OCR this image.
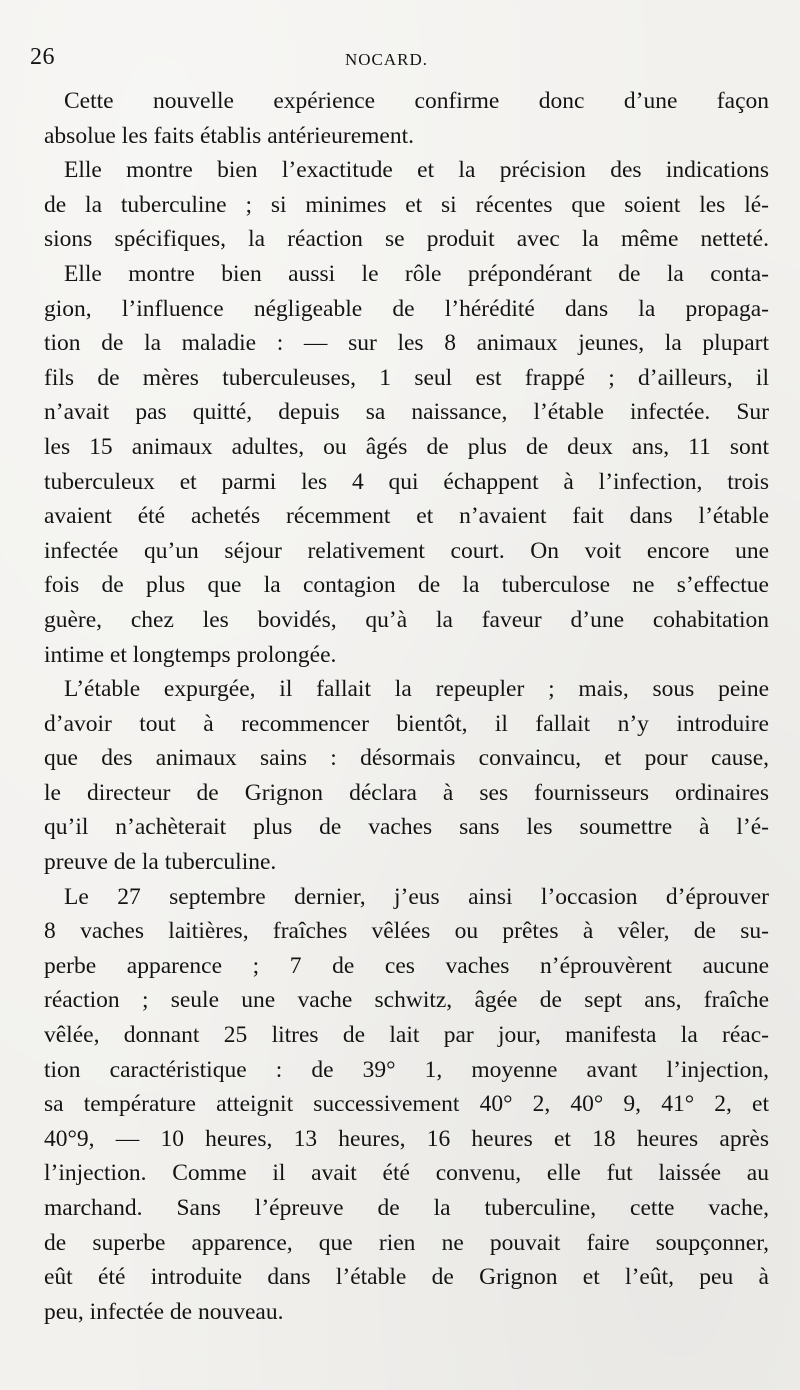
26	NOCARD.
Cette nouvelle expérience confirme donc d’une façon
absolue les faits établis antérieurement.
Elle montre bien l’exactitude et la précision des indications
de la tuberculine ; si minimes et si récentes que soient les lé-
sions spécifiques, la réaction se produit avec la même netteté.
Elle montre bien aussi le rôle prépondérant de la conta-
gion, l’influence négligeable de l’hérédité dans la propaga-
tion de la maladie : — sur les 8 animaux jeunes, la plupart
fils de mères tuberculeuses, 1 seul est frappé ; d’ailleurs, il
n’avait pas quitté, depuis sa naissance, l’étable infectée. Sur
les 15 animaux adultes, ou âgés de plus de deux ans, 11 sont
tuberculeux et parmi les 4 qui échappent à l’infection, trois
avaient été achetés récemment et n’avaient fait dans l’étable
infectée qu’un séjour relativement court. On voit encore une
fois de plus que la contagion de la tuberculose ne s’effectue
guère, chez les bovidés, qu’à la faveur d’une cohabitation
intime et longtemps prolongée.
L’étable expurgée, il fallait la repeupler ; mais, sous peine
d’avoir tout à recommencer bientôt, il fallait n’y introduire
que des animaux sains : désormais convaincu, et pour cause,
le directeur de Grignon déclara à ses fournisseurs ordinaires
qu’il n’achèterait plus de vaches sans les soumettre à l’é-
preuve de la tuberculine.
Le 27 septembre dernier, j’eus ainsi l’occasion d’éprouver
8 vaches laitières, fraîches vêlées ou prêtes à vêler, de su-
perbe apparence ; 7 de ces vaches n’éprouvèrent aucune
réaction ; seule une vache schwitz, âgée de sept ans, fraîche
vêlée, donnant 25 litres de lait par jour, manifesta la réac-
tion caractéristique : de 39° 1, moyenne avant l’injection,
sa température atteignit successivement 40° 2, 40° 9, 41° 2, et
40°9, — 10 heures, 13 heures, 16 heures et 18 heures après
l’injection. Comme il avait été convenu, elle fut laissée au
marchand. Sans l’épreuve de la tuberculine, cette vache,
de superbe apparence, que rien ne pouvait faire soupçonner,
eût été introduite dans l’étable de Grignon et l’eût, peu à
peu, infectée de nouveau.
